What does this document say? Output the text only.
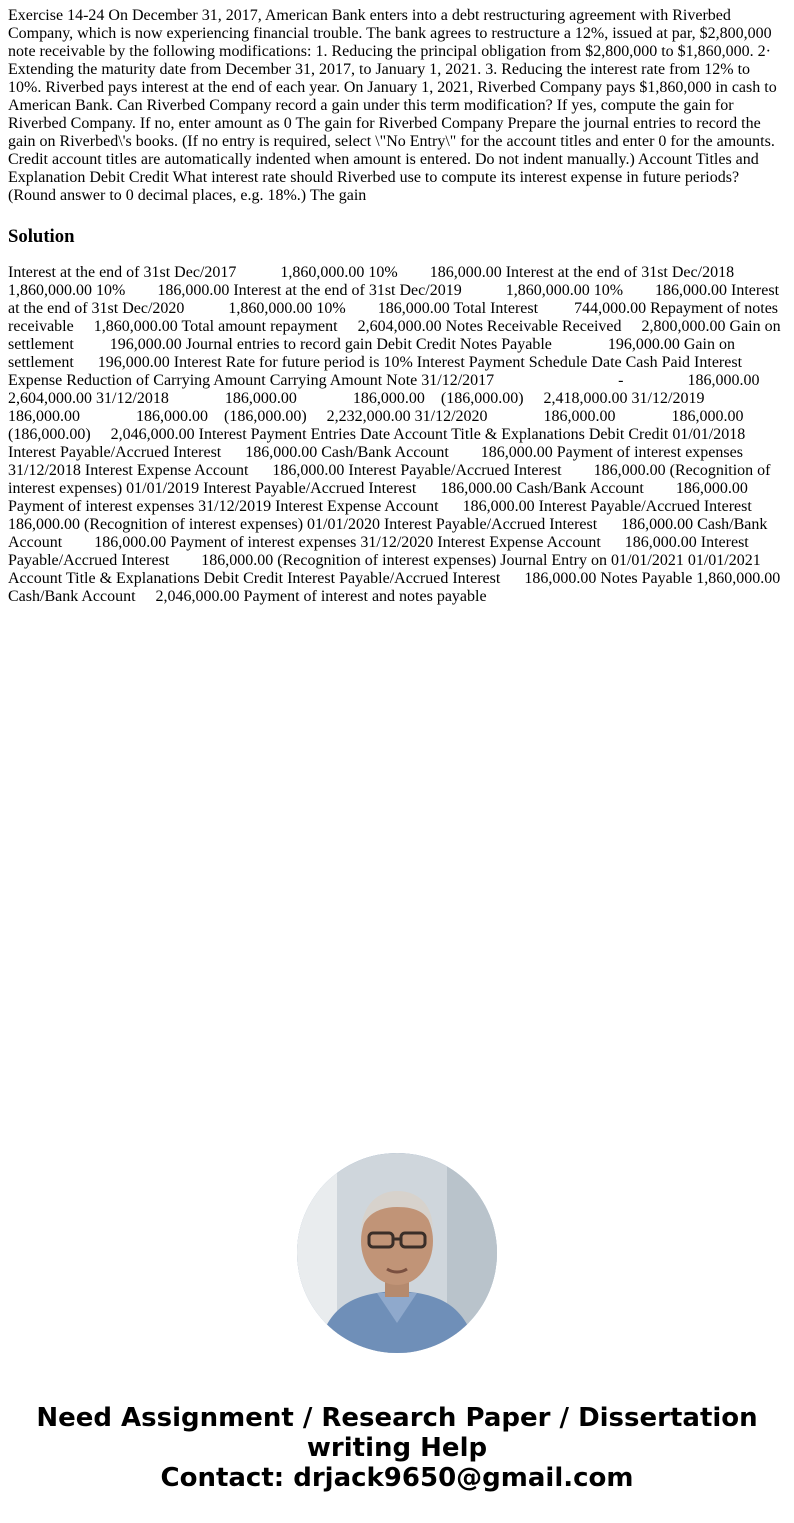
Exercise 14-24 On December 31, 2017, American Bank enters into a debt restructuring agreement with Riverbed Company, which is now experiencing financial trouble. The bank agrees to restructure a 12%, issued at par, $2,800,000 note receivable by the following modifications: 1. Reducing the principal obligation from $2,800,000 to $1,860,000. 2· Extending the maturity date from December 31, 2017, to January 1, 2021. 3. Reducing the interest rate from 12% to 10%. Riverbed pays interest at the end of each year. On January 1, 2021, Riverbed Company pays $1,860,000 in cash to American Bank. Can Riverbed Company record a gain under this term modification? If yes, compute the gain for Riverbed Company. If no, enter amount as 0 The gain for Riverbed Company Prepare the journal entries to record the gain on Riverbed\'s books. (If no entry is required, select \"No Entry\" for the account titles and enter 0 for the amounts. Credit account titles are automatically indented when amount is entered. Do not indent manually.) Account Titles and Explanation Debit Credit What interest rate should Riverbed use to compute its interest expense in future periods? (Round answer to 0 decimal places, e.g. 18%.) The gain

Solution

Interest at the end of 31st Dec/2017           1,860,000.00 10%        186,000.00 Interest at the end of 31st Dec/2018           1,860,000.00 10%        186,000.00 Interest at the end of 31st Dec/2019           1,860,000.00 10%        186,000.00 Interest at the end of 31st Dec/2020           1,860,000.00 10%        186,000.00 Total Interest         744,000.00 Repayment of notes receivable     1,860,000.00 Total amount repayment     2,604,000.00 Notes Receivable Received     2,800,000.00 Gain on settlement         196,000.00 Journal entries to record gain Debit Credit Notes Payable              196,000.00 Gain on settlement      196,000.00 Interest Rate for future period is 10% Interest Payment Schedule Date Cash Paid Interest Expense Reduction of Carrying Amount Carrying Amount Note 31/12/2017                               -                186,000.00     2,604,000.00 31/12/2018              186,000.00              186,000.00    (186,000.00)     2,418,000.00 31/12/2019              186,000.00              186,000.00    (186,000.00)     2,232,000.00 31/12/2020              186,000.00              186,000.00    (186,000.00)     2,046,000.00 Interest Payment Entries Date Account Title & Explanations Debit Credit 01/01/2018 Interest Payable/Accrued Interest      186,000.00 Cash/Bank Account        186,000.00 Payment of interest expenses 31/12/2018 Interest Expense Account      186,000.00 Interest Payable/Accrued Interest        186,000.00 (Recognition of interest expenses) 01/01/2019 Interest Payable/Accrued Interest      186,000.00 Cash/Bank Account        186,000.00 Payment of interest expenses 31/12/2019 Interest Expense Account      186,000.00 Interest Payable/Accrued Interest        186,000.00 (Recognition of interest expenses) 01/01/2020 Interest Payable/Accrued Interest      186,000.00 Cash/Bank Account        186,000.00 Payment of interest expenses 31/12/2020 Interest Expense Account      186,000.00 Interest Payable/Accrued Interest        186,000.00 (Recognition of interest expenses) Journal Entry on 01/01/2021 01/01/2021 Account Title & Explanations Debit Credit Interest Payable/Accrued Interest      186,000.00 Notes Payable 1,860,000.00 Cash/Bank Account     2,046,000.00 Payment of interest and notes payable

Need Assignment / Research Paper / Dissertation
writing Help
Contact: drjack9650@gmail.com
